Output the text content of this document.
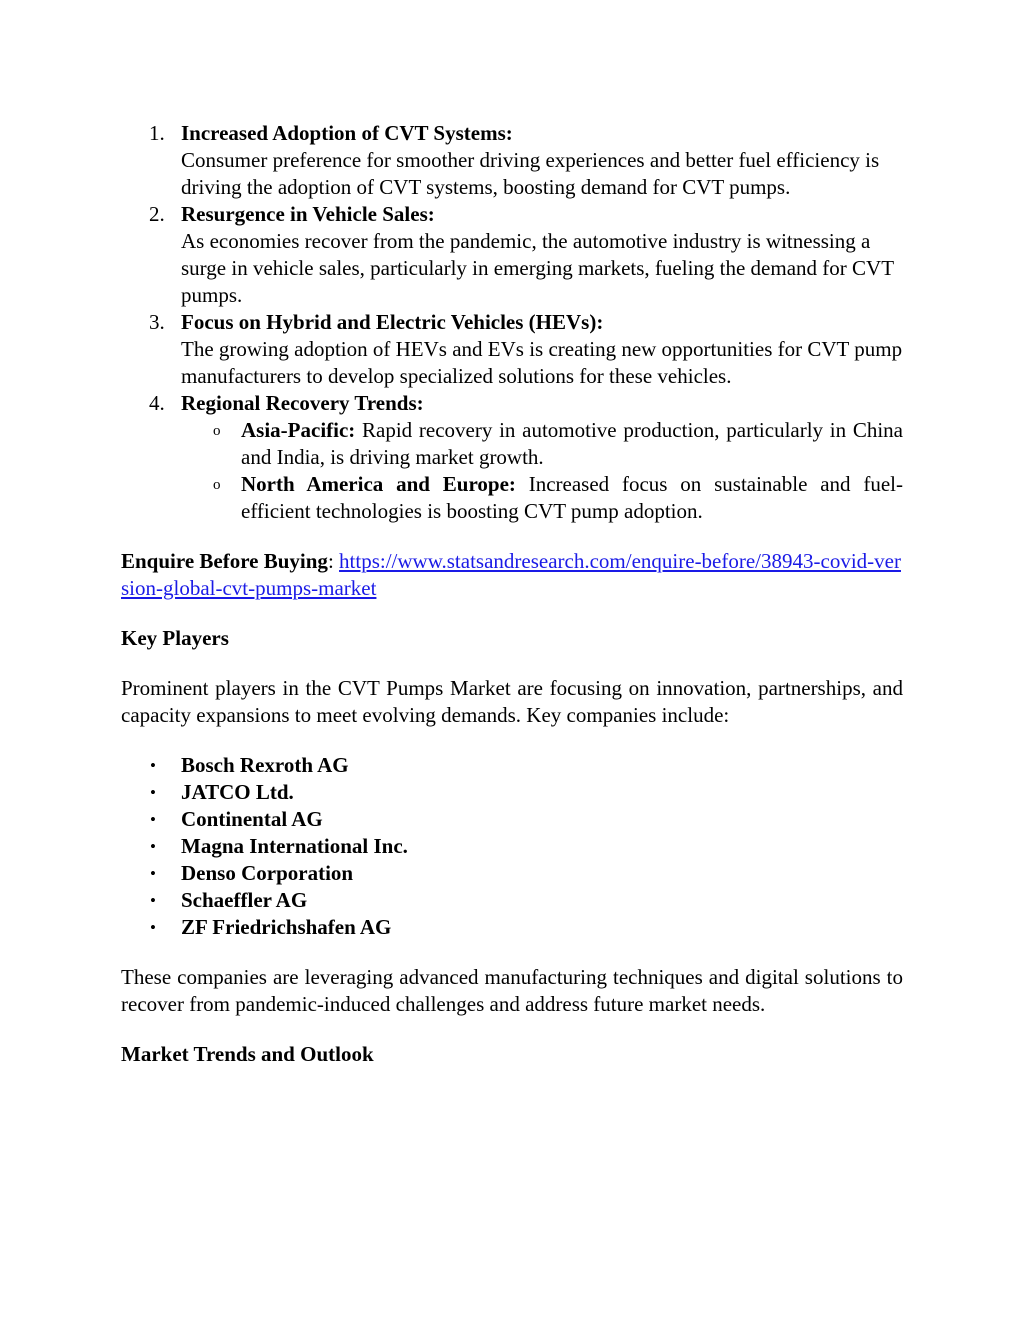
1. Increased Adoption of CVT Systems:
Consumer preference for smoother driving experiences and better fuel efficiency is driving the adoption of CVT systems, boosting demand for CVT pumps.
2. Resurgence in Vehicle Sales:
As economies recover from the pandemic, the automotive industry is witnessing a surge in vehicle sales, particularly in emerging markets, fueling the demand for CVT pumps.
3. Focus on Hybrid and Electric Vehicles (HEVs):
The growing adoption of HEVs and EVs is creating new opportunities for CVT pump manufacturers to develop specialized solutions for these vehicles.
4. Regional Recovery Trends:
o Asia-Pacific: Rapid recovery in automotive production, particularly in China and India, is driving market growth.
o North America and Europe: Increased focus on sustainable and fuel-efficient technologies is boosting CVT pump adoption.
Enquire Before Buying: https://www.statsandresearch.com/enquire-before/38943-covid-version-global-cvt-pumps-market
Key Players
Prominent players in the CVT Pumps Market are focusing on innovation, partnerships, and capacity expansions to meet evolving demands. Key companies include:
• Bosch Rexroth AG
• JATCO Ltd.
• Continental AG
• Magna International Inc.
• Denso Corporation
• Schaeffler AG
• ZF Friedrichshafen AG
These companies are leveraging advanced manufacturing techniques and digital solutions to recover from pandemic-induced challenges and address future market needs.
Market Trends and Outlook
